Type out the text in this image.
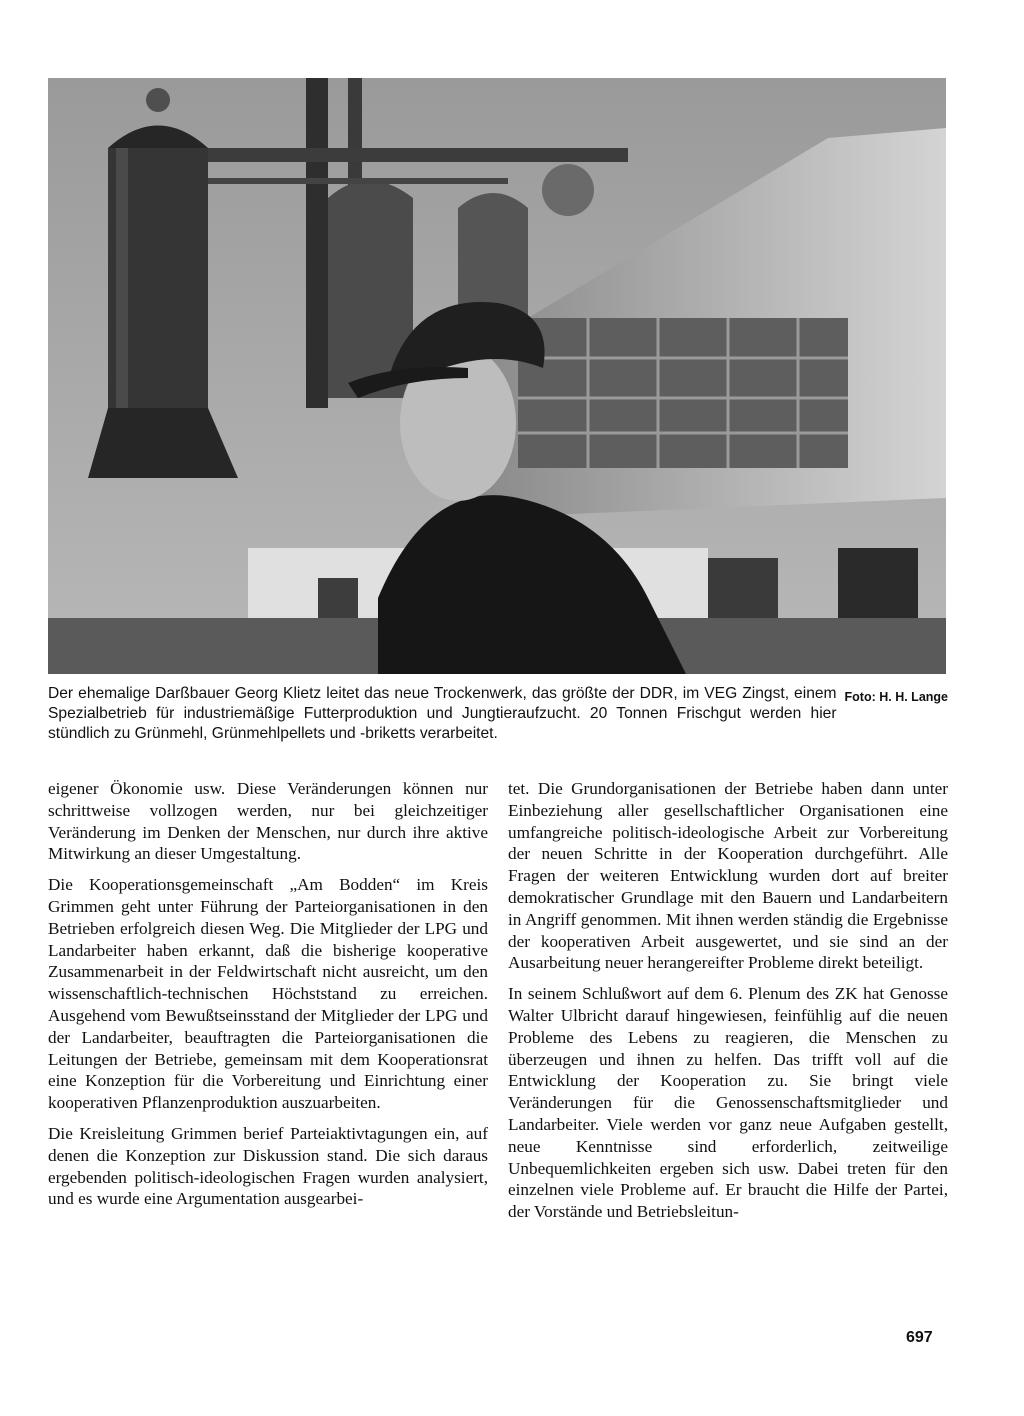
Foto: H. H. Lange
Der ehemalige Darßbauer Georg Klietz leitet das neue Trockenwerk, das größte der DDR, im VEG Zingst, einem Spezialbetrieb für industriemäßige Futterproduktion und Jungtieraufzucht. 20 Tonnen Frischgut werden hier stündlich zu Grünmehl, Grünmehlpellets und -briketts verarbeitet.

eigener Ökonomie usw. Diese Veränderungen können nur schrittweise vollzogen werden, nur bei gleichzeitiger Veränderung im Denken der Menschen, nur durch ihre aktive Mitwirkung an dieser Umgestaltung.

Die Kooperationsgemeinschaft „Am Bodden“ im Kreis Grimmen geht unter Führung der Parteiorganisationen in den Betrieben erfolgreich diesen Weg. Die Mitglieder der LPG und Landarbeiter haben erkannt, daß die bisherige kooperative Zusammenarbeit in der Feldwirtschaft nicht ausreicht, um den wissenschaftlich-technischen Höchststand zu erreichen. Ausgehend vom Bewußtseinsstand der Mitglieder der LPG und der Landarbeiter, beauftragten die Parteiorganisationen die Leitungen der Betriebe, gemeinsam mit dem Kooperationsrat eine Konzeption für die Vorbereitung und Einrichtung einer kooperativen Pflanzenproduktion auszuarbeiten.

Die Kreisleitung Grimmen berief Parteiaktivtagungen ein, auf denen die Konzeption zur Diskussion stand. Die sich daraus ergebenden politisch-ideologischen Fragen wurden analysiert, und es wurde eine Argumentation ausgearbei-

tet. Die Grundorganisationen der Betriebe haben dann unter Einbeziehung aller gesellschaftlicher Organisationen eine umfangreiche politisch-ideologische Arbeit zur Vorbereitung der neuen Schritte in der Kooperation durchgeführt. Alle Fragen der weiteren Entwicklung wurden dort auf breiter demokratischer Grundlage mit den Bauern und Landarbeitern in Angriff genommen. Mit ihnen werden ständig die Ergebnisse der kooperativen Arbeit ausgewertet, und sie sind an der Ausarbeitung neuer herangereifter Probleme direkt beteiligt.

In seinem Schlußwort auf dem 6. Plenum des ZK hat Genosse Walter Ulbricht darauf hingewiesen, feinfühlig auf die neuen Probleme des Lebens zu reagieren, die Menschen zu überzeugen und ihnen zu helfen. Das trifft voll auf die Entwicklung der Kooperation zu. Sie bringt viele Veränderungen für die Genossenschaftsmitglieder und Landarbeiter. Viele werden vor ganz neue Aufgaben gestellt, neue Kenntnisse sind erforderlich, zeitweilige Unbequemlichkeiten ergeben sich usw. Dabei treten für den einzelnen viele Probleme auf. Er braucht die Hilfe der Partei, der Vorstände und Betriebsleitun-

697
